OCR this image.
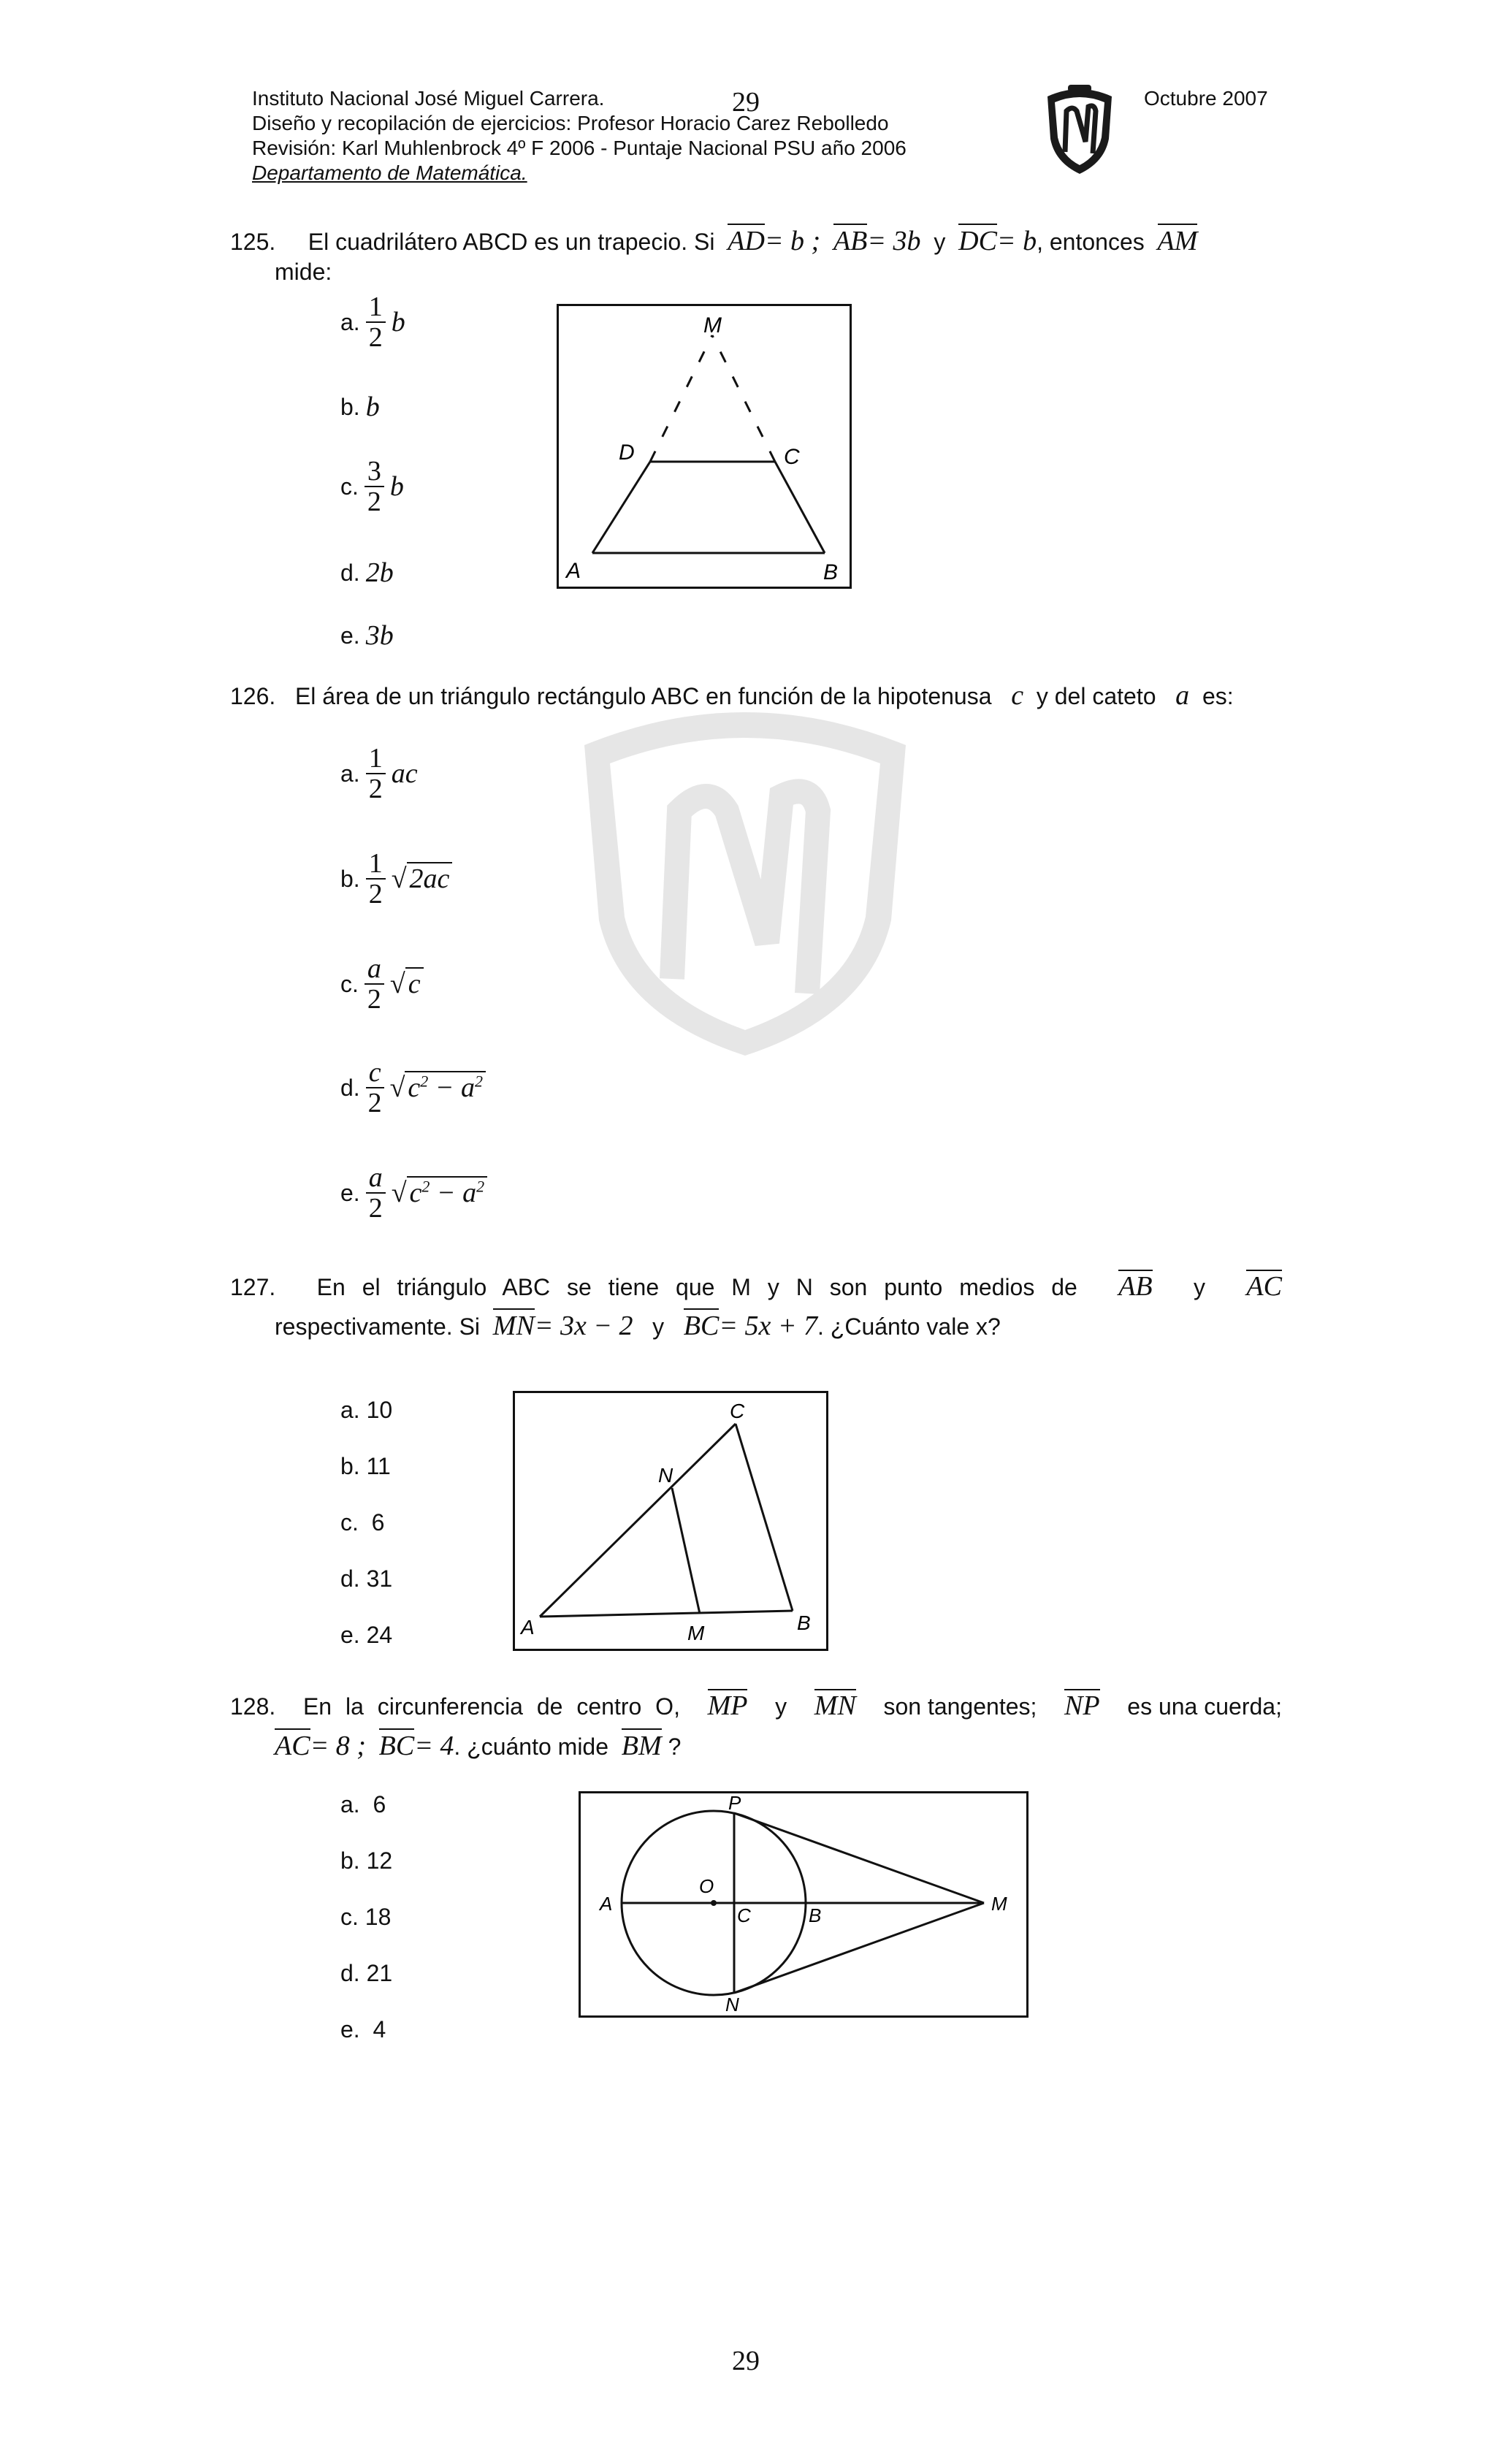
Instituto Nacional José Miguel Carrera.	29	Octubre 2007
Diseño y recopilación de ejercicios: Profesor Horacio Carez Rebolledo
Revisión: Karl Muhlenbrock 4º F 2006 - Puntaje Nacional PSU año 2006
Departamento de Matemática.
125. El cuadrilátero ABCD es un trapecio. Si AD= b ; AB= 3b y DC= b, entonces AM
mide:
a. $\frac{1}{2}$ b
b. b
c. $\frac{3}{2}$ b
d. 2b
e. 3b
M
D	C
A	B
126. El área de un triángulo rectángulo ABC en función de la hipotenusa c y del cateto a es:
a. $\frac{1}{2}$ ac
b. $\frac{1}{2}$ √ 2ac
c. $\frac{a}{2}$ √ c
d. $\frac{c}{2}$ √ $c^2 - a^2$
e. $\frac{a}{2}$ √ $c^2 - a^2$
127. En el triángulo ABC se tiene que M y N son punto medios de AB y AC
respectivamente. Si MN= 3x − 2 y BC= 5x + 7. ¿Cuánto vale x?
a. 10
b. 11
c. 6
d. 31
e. 24
C
N
A	M	B
128. En la circunferencia de centro O, MP y MN son tangentes; NP es una cuerda;
AC= 8 ; BC= 4. ¿cuánto mide BM ?
a. 6
b. 12
c. 18
d. 21
e. 4
P
O
A
C	B
M
N
29
